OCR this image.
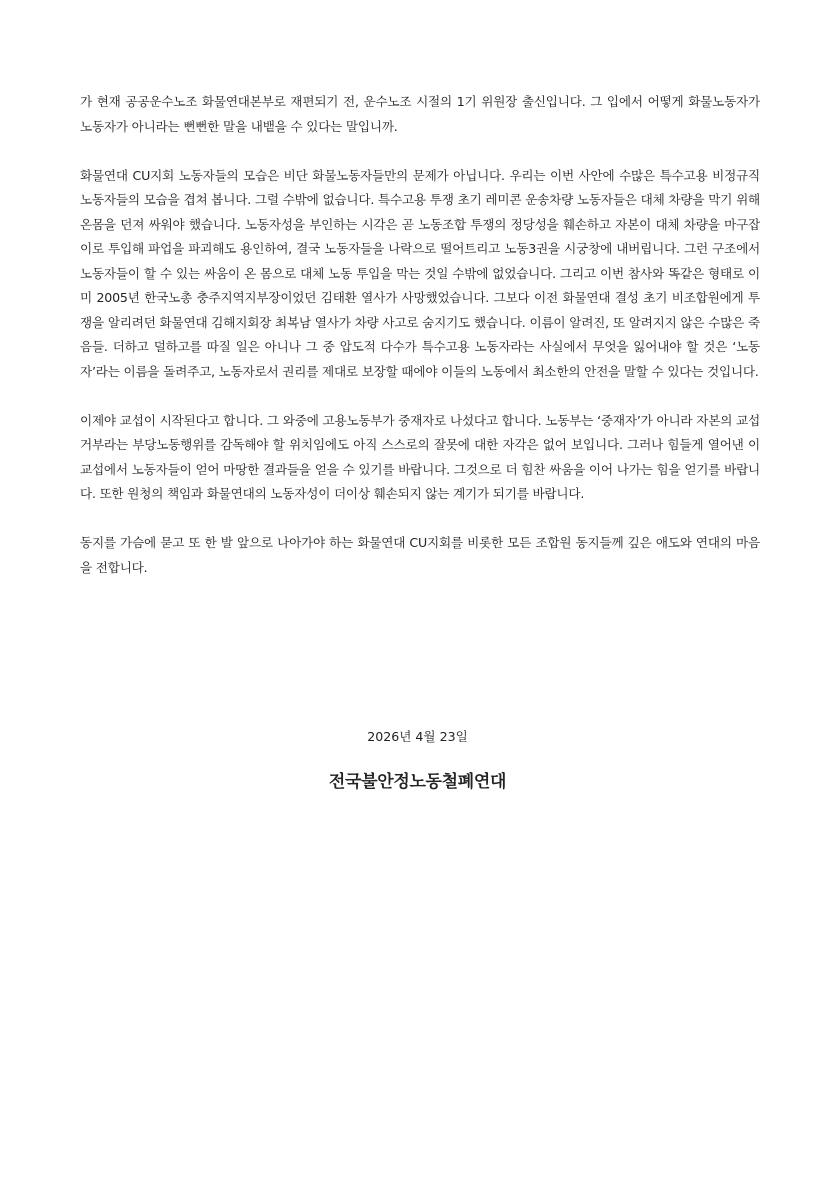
가 현재 공공운수노조 화물연대본부로 재편되기 전, 운수노조 시절의 1기 위원장 출신입니다. 그 입에서 어떻게 화물노동자가 노동자가 아니라는 뻔뻔한 말을 내뱉을 수 있다는 말입니까.

화물연대 CU지회 노동자들의 모습은 비단 화물노동자들만의 문제가 아닙니다. 우리는 이번 사안에 수많은 특수고용 비정규직 노동자들의 모습을 겹쳐 봅니다. 그럴 수밖에 없습니다. 특수고용 투쟁 초기 레미콘 운송차량 노동자들은 대체 차량을 막기 위해 온몸을 던져 싸워야 했습니다. 노동자성을 부인하는 시각은 곧 노동조합 투쟁의 정당성을 훼손하고 자본이 대체 차량을 마구잡이로 투입해 파업을 파괴해도 용인하여, 결국 노동자들을 나락으로 떨어트리고 노동3권을 시궁창에 내버립니다. 그런 구조에서 노동자들이 할 수 있는 싸움이 온 몸으로 대체 노동 투입을 막는 것일 수밖에 없었습니다. 그리고 이번 참사와 똑같은 형태로 이미 2005년 한국노총 충주지역지부장이었던 김태환 열사가 사망했었습니다. 그보다 이전 화물연대 결성 초기 비조합원에게 투쟁을 알리려던 화물연대 김해지회장 최복남 열사가 차량 사고로 숨지기도 했습니다. 이름이 알려진, 또 알려지지 않은 수많은 죽음들. 더하고 덜하고를 따질 일은 아니나 그 중 압도적 다수가 특수고용 노동자라는 사실에서 무엇을 잃어내야 할 것은 ‘노동자’라는 이름을 돌려주고, 노동자로서 권리를 제대로 보장할 때에야 이들의 노동에서 최소한의 안전을 말할 수 있다는 것입니다.

이제야 교섭이 시작된다고 합니다. 그 와중에 고용노동부가 중재자로 나섰다고 합니다. 노동부는 ‘중재자’가 아니라 자본의 교섭 거부라는 부당노동행위를 감독해야 할 위치임에도 아직 스스로의 잘못에 대한 자각은 없어 보입니다. 그러나 힘들게 열어낸 이 교섭에서 노동자들이 얻어 마땅한 결과들을 얻을 수 있기를 바랍니다. 그것으로 더 힘찬 싸움을 이어 나가는 힘을 얻기를 바랍니다. 또한 원청의 책임과 화물연대의 노동자성이 더이상 훼손되지 않는 계기가 되기를 바랍니다.

동지를 가슴에 묻고 또 한 발 앞으로 나아가야 하는 화물연대 CU지회를 비롯한 모든 조합원 동지들께 깊은 애도와 연대의 마음을 전합니다.

2026년 4월 23일
전국불안정노동철폐연대
